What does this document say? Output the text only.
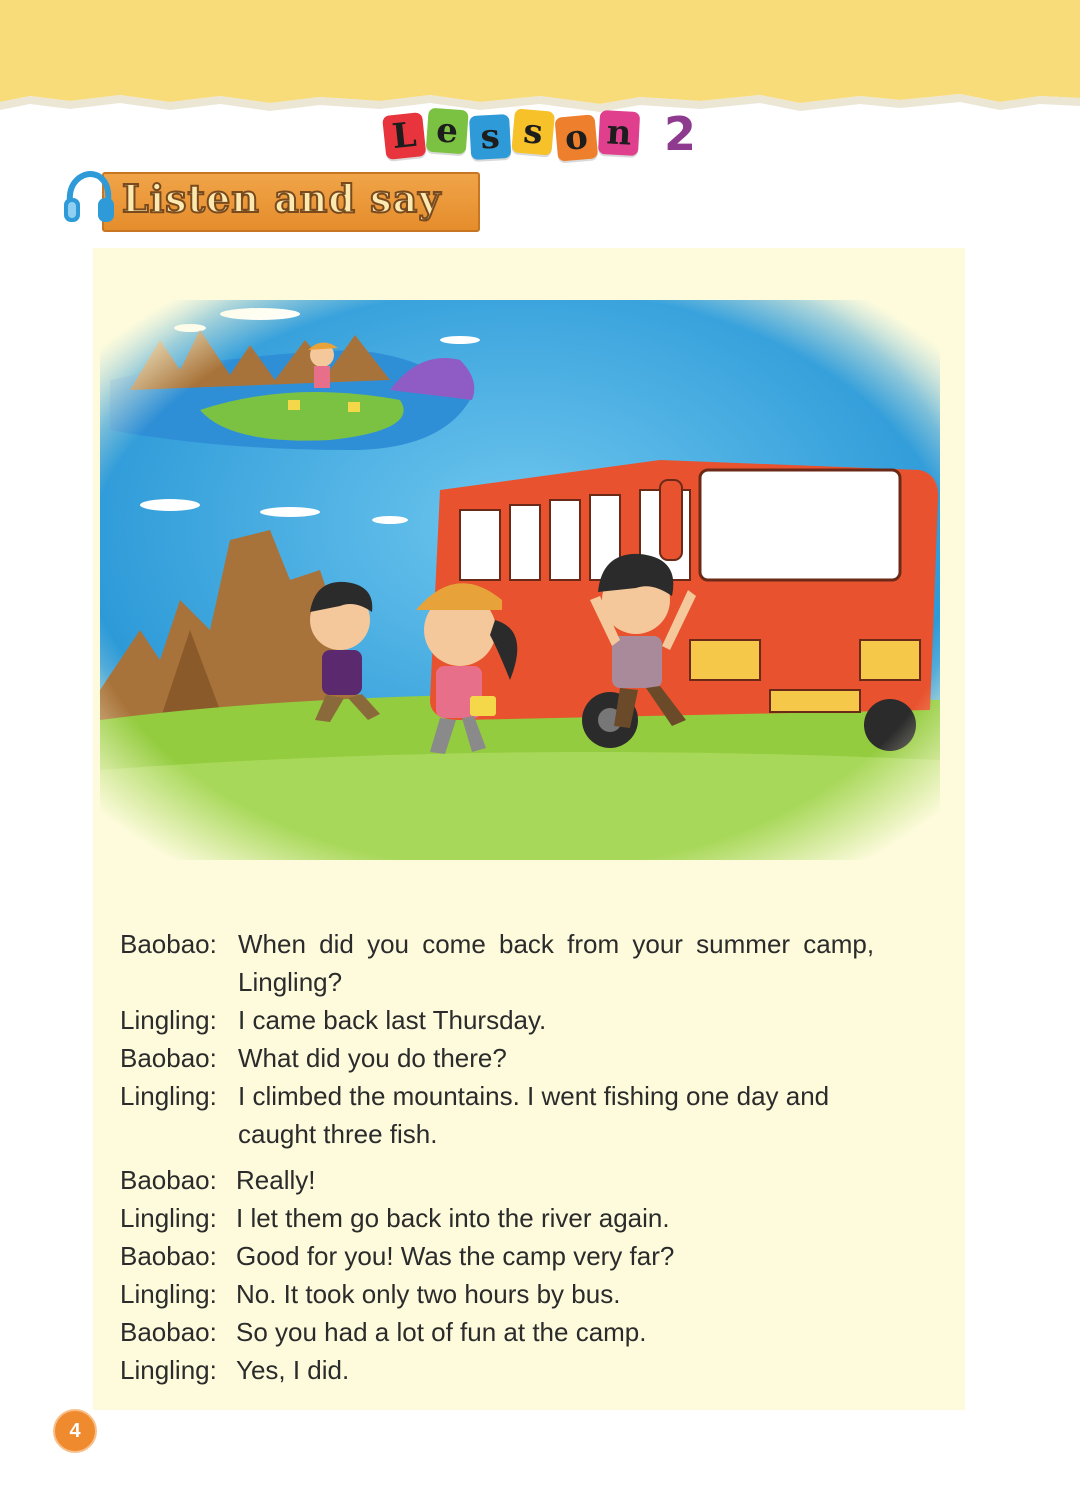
L e s s o n 2
Listen and say
Baobao: When did you come back from your summer camp,
Lingling?
Lingling: I came back last Thursday.
Baobao: What did you do there?
Lingling: I climbed the mountains. I went fishing one day and
caught three fish.
Baobao: Really!
Lingling: I let them go back into the river again.
Baobao: Good for you! Was the camp very far?
Lingling: No. It took only two hours by bus.
Baobao: So you had a lot of fun at the camp.
Lingling: Yes, I did.
4
